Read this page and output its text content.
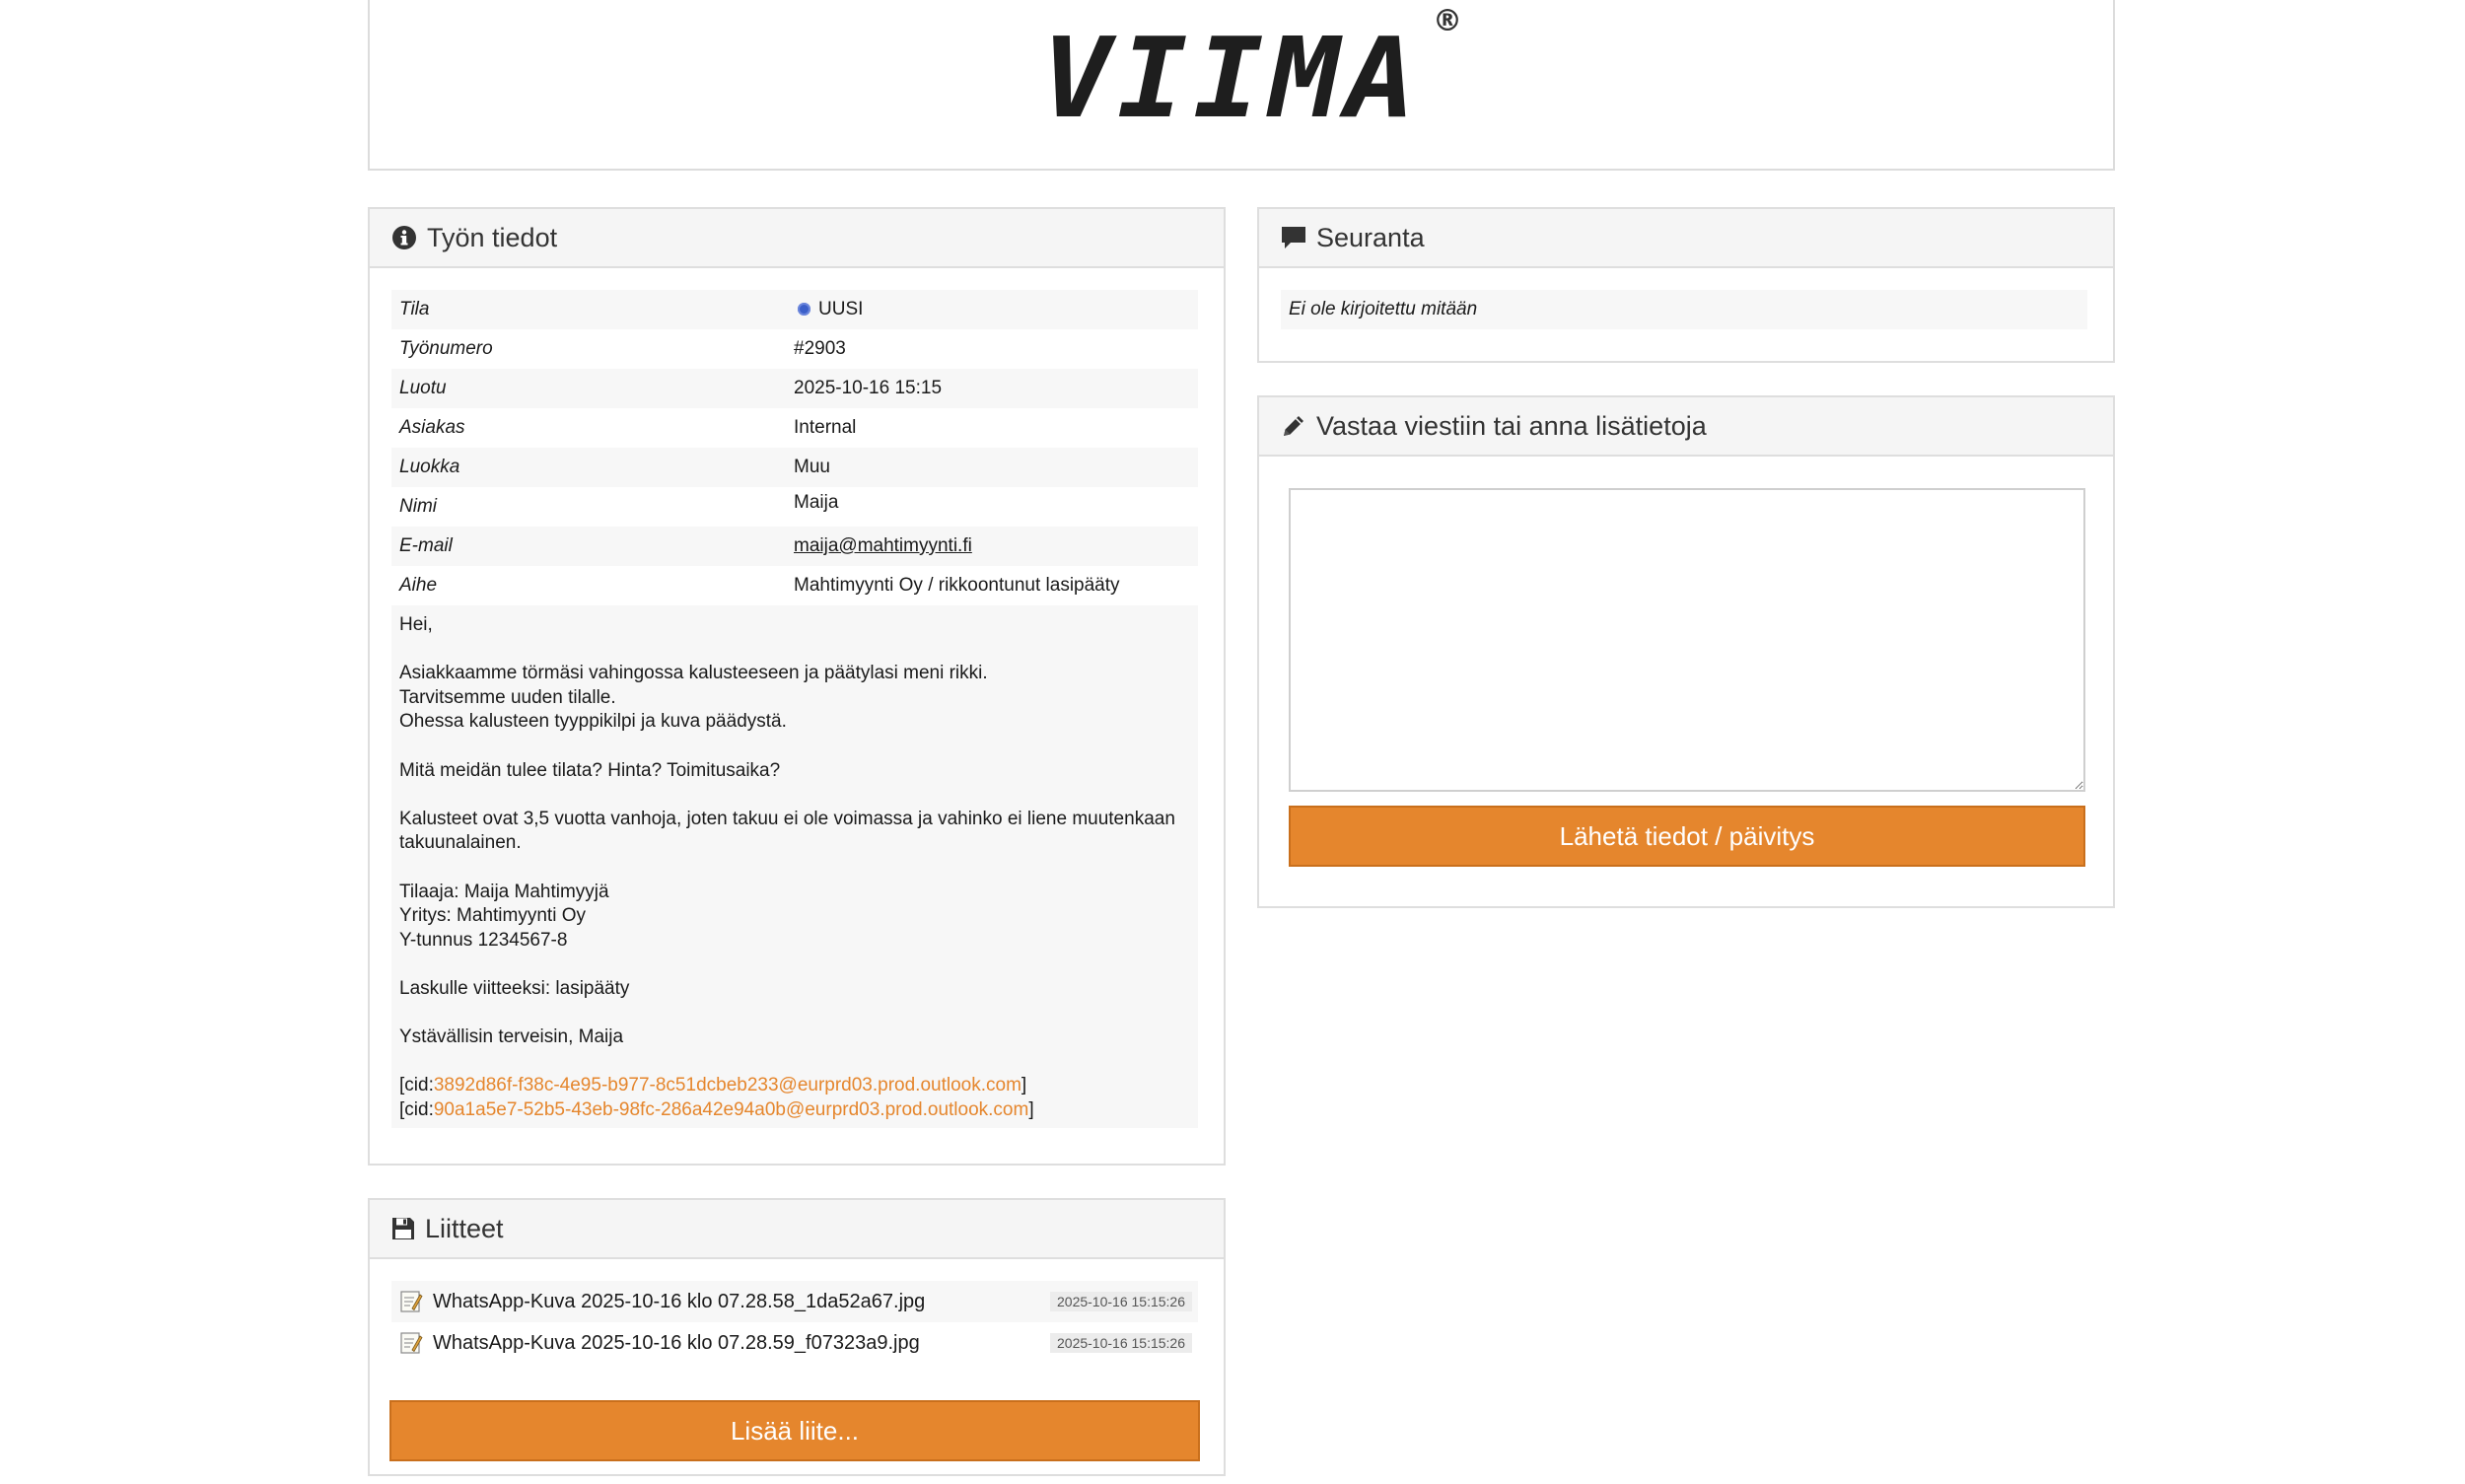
VIIMA ®
Työn tiedot
Tila	UUSI
Työnumero	#2903
Luotu	2025-10-16 15:15
Asiakas	Internal
Luokka	Muu
Nimi	Maija
E-mail	maija@mahtimyynti.fi
Aihe	Mahtimyynti Oy / rikkoontunut lasipääty

Hei,

Asiakkaamme törmäsi vahingossa kalusteeseen ja päätylasi meni rikki.

Tarvitsemme uuden tilalle.

Ohessa kalusteen tyyppikilpi ja kuva päädystä.

Mitä meidän tulee tilata? Hinta? Toimitusaika?

Kalusteet ovat 3,5 vuotta vanhoja, joten takuu ei ole voimassa ja vahinko ei liene muutenkaan

takuunalainen.

Tilaaja: Maija Mahtimyyjä

Yritys: Mahtimyynti Oy

Y-tunnus 1234567-8

Laskulle viitteeksi: lasipääty

Ystävällisin terveisin, Maija

[cid:3892d86f-f38c-4e95-b977-8c51dcbeb233@eurprd03.prod.outlook.com]

[cid:90a1a5e7-52b5-43eb-98fc-286a42e94a0b@eurprd03.prod.outlook.com]

Liitteet
WhatsApp-Kuva 2025-10-16 klo 07.28.58_1da52a67.jpg	2025-10-16 15:15:26
WhatsApp-Kuva 2025-10-16 klo 07.28.59_f07323a9.jpg	2025-10-16 15:15:26
Lisää liite...
Seuranta
Ei ole kirjoitettu mitään
Vastaa viestiin tai anna lisätietoja
Lähetä tiedot / päivitys
